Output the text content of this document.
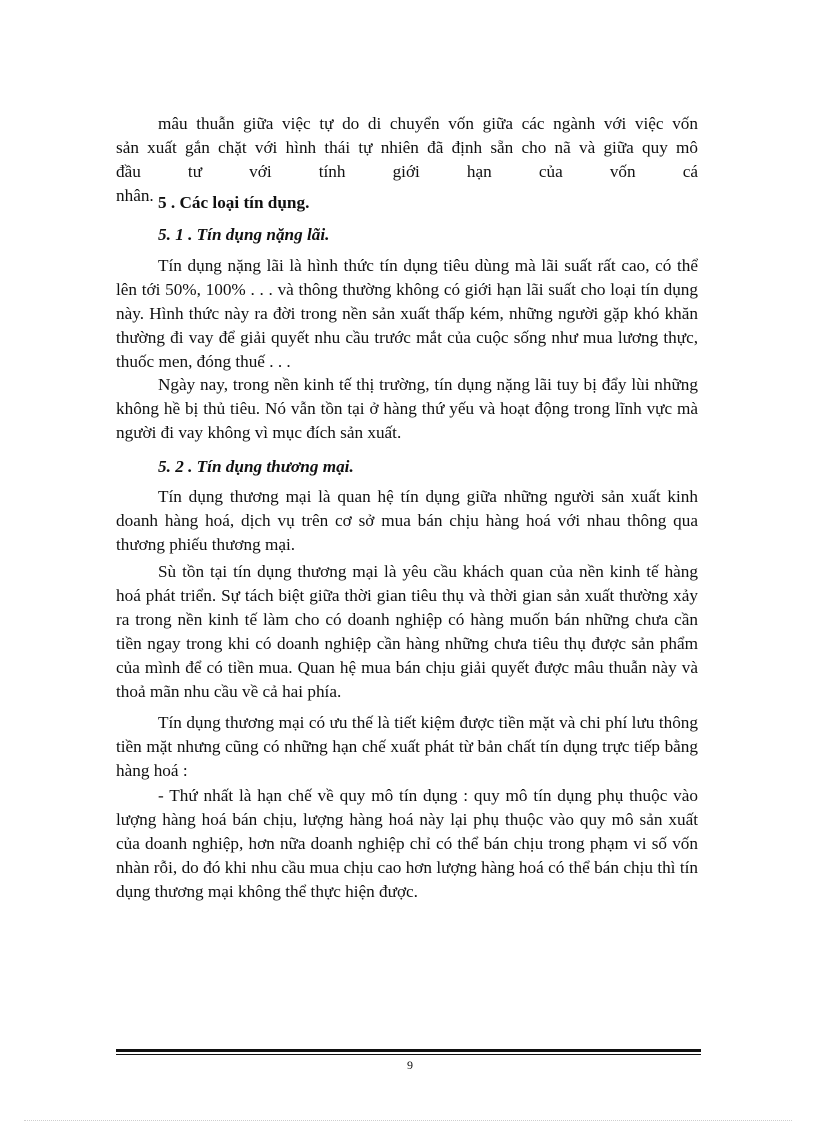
mâu thuẫn giữa việc tự do di chuyển vốn giữa các ngành với việc vốn
sản xuất gắn chặt với hình thái tự nhiên đã định sẵn cho nã và giữa quy mô
đầu tư với tính giới hạn của vốn cá nhân. 5 . Các loại tín dụng.
5. 1 . Tín dụng nặng lãi.
Tín dụng nặng lãi là hình thức tín dụng tiêu dùng mà lãi suất rất cao, có thể lên tới 50%, 100% . . . và thông thường không có giới hạn lãi suất cho loại tín dụng này. Hình thức này ra đời trong nền sản xuất thấp kém, những người gặp khó khăn thường đi vay để giải quyết nhu cầu trước mắt của cuộc sống như mua lương thực, thuốc men, đóng thuế . . .
Ngày nay, trong nền kinh tế thị trường, tín dụng nặng lãi tuy bị đẩy lùi những không hề bị thủ tiêu. Nó vẫn tồn tại ở hàng thứ yếu và hoạt động trong lĩnh vực mà người đi vay không vì mục đích sản xuất.
5. 2 . Tín dụng thương mại.
Tín dụng thương mại là quan hệ tín dụng giữa những người sản xuất kinh doanh hàng hoá, dịch vụ trên cơ sở mua bán chịu hàng hoá với nhau thông qua thương phiếu thương mại.
Sù tồn tại tín dụng thương mại là yêu cầu khách quan của nền kinh tế hàng hoá phát triển. Sự tách biệt giữa thời gian tiêu thụ và thời gian sản xuất thường xảy ra trong nền kinh tế làm cho có doanh nghiệp có hàng muốn bán những chưa cần tiền ngay trong khi có doanh nghiệp cần hàng những chưa tiêu thụ được sản phẩm của mình để có tiền mua. Quan hệ mua bán chịu giải quyết được mâu thuẫn này và thoả mãn nhu cầu về cả hai phía.
Tín dụng thương mại có ưu thế là tiết kiệm được tiền mặt và chi phí lưu thông tiền mặt nhưng cũng có những hạn chế xuất phát từ bản chất tín dụng trực tiếp bằng hàng hoá :
- Thứ nhất là hạn chế về quy mô tín dụng : quy mô tín dụng phụ thuộc vào lượng hàng hoá bán chịu, lượng hàng hoá này lại phụ thuộc vào quy mô sản xuất của doanh nghiệp, hơn nữa doanh nghiệp chỉ có thể bán chịu trong phạm vi số vốn nhàn rỗi, do đó khi nhu cầu mua chịu cao hơn lượng hàng hoá có thể bán chịu thì tín dụng thương mại không thể thực hiện được.
9
